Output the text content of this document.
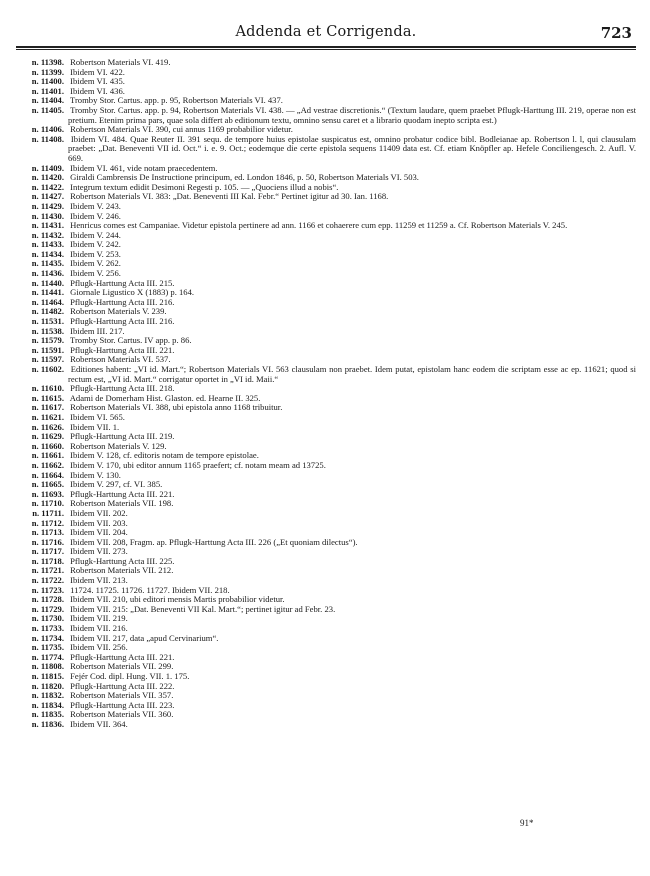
Addenda et Corrigenda.	723

n. 11398. Robertson Materials VI. 419.

n. 11399. Ibidem VI. 422.

n. 11400. Ibidem VI. 435.

n. 11401. Ibidem VI. 436.

n. 11404. Tromby Stor. Cartus. app. p. 95, Robertson Materials VI. 437.

n. 11405. Tromby Stor. Cartus. app. p. 94, Robertson Materials VI. 438. — „Ad vestrae discretionis.“ (Textum laudare, quem praebet Pflugk-Harttung III. 219, operae non est pretium. Etenim prima pars, quae sola differt ab editionum textu, omnino sensu caret et a librario quodam inepto scripta est.)

n. 11406. Robertson Materials VI. 390, cui annus 1169 probabilior videtur.

n. 11408. Ibidem VI. 484. Quae Reuter II. 391 sequ. de tempore huius epistolae suspicatus est, omnino probatur codice bibl. Bodleianae ap. Robertson l. l, qui clausulam praebet: „Dat. Beneventi VII id. Oct.“ i. e. 9. Oct.; eodemque die certe epistola sequens 11409 data est. Cf. etiam Knöpfler ap. Hefele Conciliengesch. 2. Aufl. V. 669.

n. 11409. Ibidem VI. 461, vide notam praecedentem.

n. 11420. Giraldi Cambrensis De Instructione principum, ed. London 1846, p. 50, Robertson Materials VI. 503.

n. 11422. Integrum textum edidit Desimoni Regesti p. 105. — „Quociens illud a nobis“.

n. 11427. Robertson Materials VI. 383: „Dat. Beneventi III Kal. Febr.“ Pertinet igitur ad 30. Ian. 1168.

n. 11429. Ibidem V. 243.

n. 11430. Ibidem V. 246.

n. 11431. Henricus comes est Campaniae. Videtur epistola pertinere ad ann. 1166 et cohaerere cum epp. 11259 et 11259 a. Cf. Robertson Materials V. 245.

n. 11432. Ibidem V. 244.

n. 11433. Ibidem V. 242.

n. 11434. Ibidem V. 253.

n. 11435. Ibidem V. 262.

n. 11436. Ibidem V. 256.

n. 11440. Pflugk-Harttung Acta III. 215.

n. 11441. Giornale Ligustico X (1883) p. 164.

n. 11464. Pflugk-Harttung Acta III. 216.

n. 11482. Robertson Materials V. 239.

n. 11531. Pflugk-Harttung Acta III. 216.

n. 11538. Ibidem III. 217.

n. 11579. Tromby Stor. Cartus. IV app. p. 86.

n. 11591. Pflugk-Harttung Acta III. 221.

n. 11597. Robertson Materials VI. 537.

n. 11602. Editiones habent: „VI id. Mart.“; Robertson Materials VI. 563 clausulam non praebet. Idem putat, epistolam hanc eodem die scriptam esse ac ep. 11621; quod si rectum est, „VI id. Mart.“ corrigatur oportet in „VI id. Maii.“

n. 11610. Pflugk-Harttung Acta III. 218.

n. 11615. Adami de Domerham Hist. Glaston. ed. Hearne II. 325.

n. 11617. Robertson Materials VI. 388, ubi epistola anno 1168 tribuitur.

n. 11621. Ibidem VI. 565.

n. 11626. Ibidem VII. 1.

n. 11629. Pflugk-Harttung Acta III. 219.

n. 11660. Robertson Materials V. 129.

n. 11661. Ibidem V. 128, cf. editoris notam de tempore epistolae.

n. 11662. Ibidem V. 170, ubi editor annum 1165 praefert; cf. notam meam ad 13725.

n. 11664. Ibidem V. 130.

n. 11665. Ibidem V. 297, cf. VI. 385.

n. 11693. Pflugk-Harttung Acta III. 221.

n. 11710. Robertson Materials VII. 198.

n. 11711. Ibidem VII. 202.

n. 11712. Ibidem VII. 203.

n. 11713. Ibidem VII. 204.

n. 11716. Ibidem VII. 208, Fragm. ap. Pflugk-Harttung Acta III. 226 („Et quoniam dilectus“).

n. 11717. Ibidem VII. 273.

n. 11718. Pflugk-Harttung Acta III. 225.

n. 11721. Robertson Materials VII. 212.

n. 11722. Ibidem VII. 213.

n. 11723. 11724. 11725. 11726. 11727. Ibidem VII. 218.

n. 11728. Ibidem VII. 210, ubi editori mensis Martis probabilior videtur.

n. 11729. Ibidem VII. 215: „Dat. Beneventi VII Kal. Mart.“; pertinet igitur ad Febr. 23.

n. 11730. Ibidem VII. 219.

n. 11733. Ibidem VII. 216.

n. 11734. Ibidem VII. 217, data „apud Cervinarium“.

n. 11735. Ibidem VII. 256.

n. 11774. Pflugk-Harttung Acta III. 221.

n. 11808. Robertson Materials VII. 299.

n. 11815. Fejér Cod. dipl. Hung. VII. 1. 175.

n. 11820. Pflugk-Harttung Acta III. 222.

n. 11832. Robertson Materials VII. 357.

n. 11834. Pflugk-Harttung Acta III. 223.

n. 11835. Robertson Materials VII. 360.

n. 11836. Ibidem VII. 364.

91*
